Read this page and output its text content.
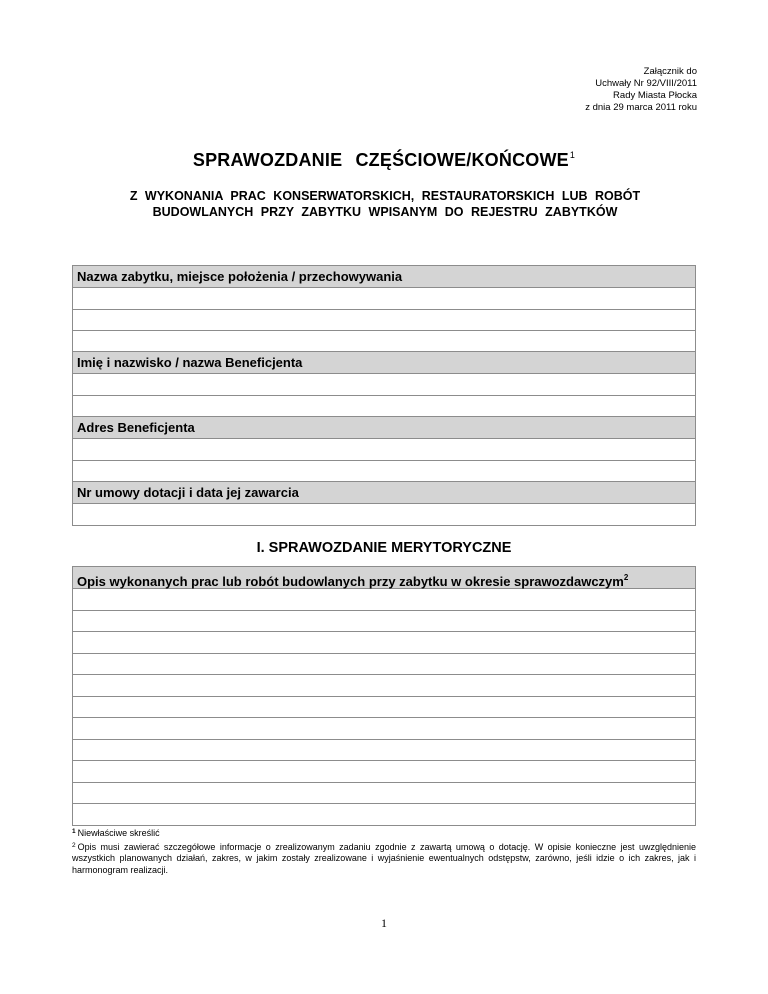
Załącznik do
Uchwały Nr 92/VIII/2011
Rady Miasta Płocka
z dnia 29 marca 2011 roku
SPRAWOZDANIE CZĘŚCIOWE/KOŃCOWE$^1$
Z WYKONANIA PRAC KONSERWATORSKICH, RESTAURATORSKICH LUB ROBÓT
BUDOWLANYCH PRZY ZABYTKU WPISANYM DO REJESTRU ZABYTKÓW
Nazwa zabytku, miejsce położenia / przechowywania
Imię i nazwisko / nazwa Beneficjenta
Adres Beneficjenta
Nr umowy dotacji i data jej zawarcia
I. SPRAWOZDANIE MERYTORYCZNE
Opis wykonanych prac lub robót budowlanych przy zabytku w okresie sprawozdawczym$^2$
$^1$ Niewłaściwe skreślić
$^2$ Opis musi zawierać szczegółowe informacje o zrealizowanym zadaniu zgodnie z zawartą umową o dotację. W opisie konieczne jest uwzględnienie wszystkich planowanych działań, zakres, w jakim zostały zrealizowane i wyjaśnienie ewentualnych odstępstw, zarówno, jeśli idzie o ich zakres, jak i harmonogram realizacji.
1
